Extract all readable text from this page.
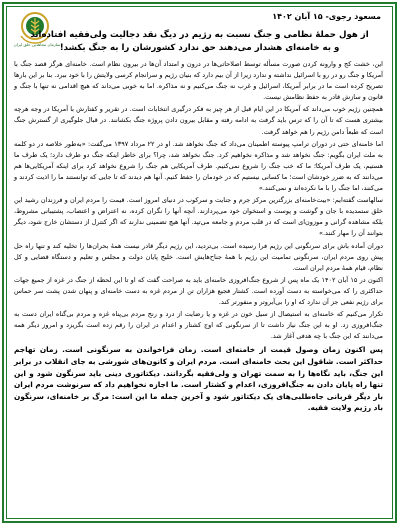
سازمان مجاهدین خلق ایران
مسعود رجوی- ۱۵ آبان ۱۴۰۲
از هول حملهٔ نظامی و جنگ نسبت به رژیم در دیگ نقد دجالیت ولی‌فقیه افتاده‌اند
و به خامنه‌ای هشدار می‌دهند حق ندارد کشورشان را به جنگ بکشد!

این، خشت کج و وارونه کردن صورت مسأله توسط اصلاحاتی‌ها در درون و امتداد آن‌ها در بیرون نظام است. خامنه‌ای هرگز قصد جنگ با آمریکا و جنگ رو در رو با اسرائیل نداشته و ندارد زیرا از آن بیم دارد که بنیان رژیم و سرانجام کرسی ولایتش را با خود ببرد. بنا بر این بارها تصریح کرده است ما در برابر آمریکا، اسرائیل و غرب نه جنگ می‌کنیم و نه مذاکره. اما به خوبی می‌داند که هیچ اقدامی نه تنها با جنگ و قانون و سازش قادر به حفظ نظامش نیست.

همچنین رژیم خوب می‌داند که آمریکا در این ایام قبل از هر چیز به فکر درگیری انتخابات است. در تقریر و کفتارش با آمریکا در وجه هرچه بیشتری هست که تا آن را که ترس باید گرفت به ادامه رفته و مقابل بیرون دادن پروژه جنگ بکشانند. در قبال جلوگیری از گسترش جنگ است که طبعاً دامن رژیم را هم خواهد گرفت.

اما خامنه‌ای حتی در دوران ترامپ پیوسته اطمینان می‌داد که جنگ نخواهد شد. او در ۲۲ مرداد ۱۳۹۷ می‌گفت: «به‌طور خلاصه در دو کلمه به ملت ایران بگویم: جنگ نخواهد شد و مذاکره نخواهیم کرد. جنگ نخواهد شد، چرا؟ برای خاطر اینکه جنگ دو طرف دارد؛ یک طرف ما هستیم، یک طرف آمریکا؛ ما که خب جنگ را شروع نمی‌کنیم. طرف آمریکایی هم جنگ را شروع نخواهد کرد برای اینکه آمریکایی‌ها هم می‌دانند که به ضرر خودشان است؛ ما کسانی نیستیم که در خودمان را حفظ کنیم. آنها هم دیدند که تا جایی که توانستند ما را اذیت کردند و می‌کنند، اما جنگ را با ما نکرده‌اند و نمی‌کنند.»

سالهاست گفته‌ایم: «بیت‌خامنه‌ای بزرگترین مرکز جرم و جنایت و سرکوب در دنیای امروز است. قیمت را مردم ایران و فرزندان رشید این خلق ستمدیده با جان و گوشت و پوست و استخوان خود می‌پردازند. آنچه آنها را نگران کرده، نه اعتراض و اعتصاب، پشتیبانی مشروط، بلکه مشاهده گرانی و موزون‌ای است که در قلب مردم و جامعه می‌تپد. آنها هیچ تضمینی ندارند که اگر کنترل از دستشان خارج شود، دیگر بتوانند آن را مهار کنند.»

دوران آماده باش برای سرنگونی این رژیم فرا رسیده است. بی‌تردید، این رژیم دیگر قادر نیست همهٔ بحران‌ها را تخلیه کند و تنها راه حل پیش روی مردم ایران، سرنگونی تمامیت این رژیم با همهٔ جناح‌هایش است. خلیج پایان دولت و مجلس و تعلیم و دستگاه قضایی و کل نظام، قیام همهٔ مردم ایران است.

اکنون در ۱۵ آبان ۱۴۰۲ یک ماه پس از شروع جنگ‌افروزی خامنه‌ای باید به صراحت گفت که او تا این لحظه از جنگ در غزه از جمیع جهات حداکثری را که می‌خواسته به دست آورده است. کشتار فجیع هزاران تن از مردم غزه به دست خامنه‌ای و پنهان شدن پشت سر حماس برای رژیم نفعی جز آن ندارد که او را بی‌آبروتر و منفورتر کند.

تکرار می‌کنیم که خامنه‌ای به استیصال از سیل خون در غزه و یا رضایت از درد و رنج مردم بی‌پناه غزه و مردم بی‌گناه ایران دست به جنگ‌افروزی زد. او به این جنگ نیاز داشت تا از سرنگونی که اوج کشتار و اعدام در ایران را رقم زده است بگریزد و امروز دیگر همه می‌دانند که این جنگ با چه هدفی آغاز شد.

پس اکنون زمان وصول قیمت از خامنه‌ای است. زمان فراخواندن به سرنگونی است. زمان تهاجم حداکثر است. شاقول این بحث خامنه‌ای است. مردم ایران و کانون‌های شورشی به جای انقلاب در برابر این جنگ، باید نگاه‌ها را به سمت تهران و ولی‌فقیه بگردانند. دیکتاتوری دینی باید سرنگون شود و این تنها راه پایان دادن به جنگ‌افروزی، اعدام و کشتار است. ما اجازه نخواهیم داد که سرنوشت مردم ایران بار دیگر قربانی جاه‌طلبی‌های یک دیکتاتور شود و آخرین جمله ما این است: مرگ بر خامنه‌ای، سرنگون باد رژیم ولایت فقیه.
